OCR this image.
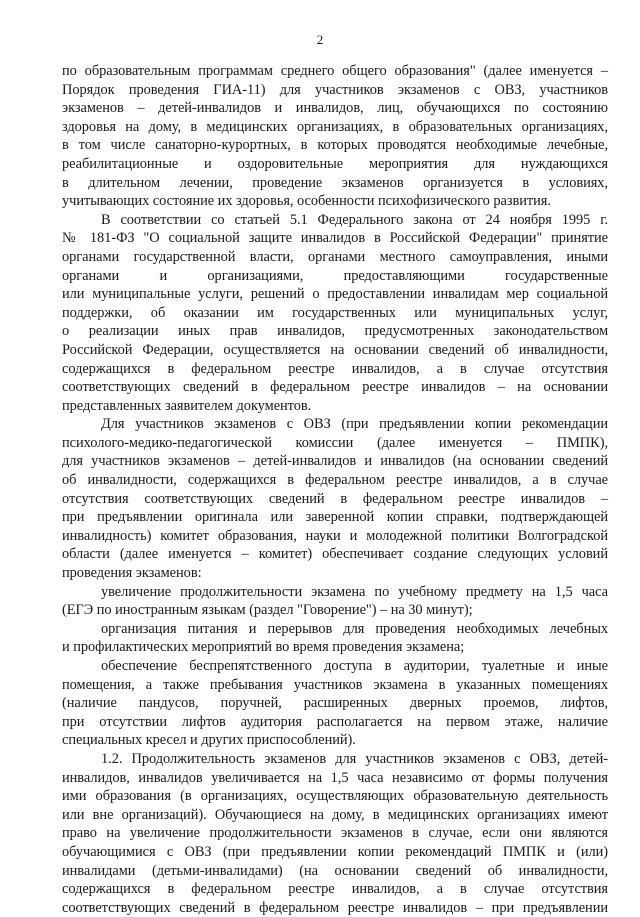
2
по образовательным программам среднего общего образования" (далее именуется –
Порядок проведения ГИА-11) для участников экзаменов с ОВЗ, участников
экзаменов – детей-инвалидов и инвалидов, лиц, обучающихся по состоянию
здоровья на дому, в медицинских организациях, в образовательных организациях,
в том числе санаторно-курортных, в которых проводятся необходимые лечебные,
реабилитационные и оздоровительные мероприятия для нуждающихся
в длительном лечении, проведение экзаменов организуется в условиях,
учитывающих состояние их здоровья, особенности психофизического развития.
В соответствии со статьей 5.1 Федерального закона от 24 ноября 1995 г.
№ 181-ФЗ "О социальной защите инвалидов в Российской Федерации" принятие
органами государственной власти, органами местного самоуправления, иными
органами и организациями, предоставляющими государственные
или муниципальные услуги, решений о предоставлении инвалидам мер социальной
поддержки, об оказании им государственных или муниципальных услуг,
о реализации иных прав инвалидов, предусмотренных законодательством
Российской Федерации, осуществляется на основании сведений об инвалидности,
содержащихся в федеральном реестре инвалидов, а в случае отсутствия
соответствующих сведений в федеральном реестре инвалидов – на основании
представленных заявителем документов.
Для участников экзаменов с ОВЗ (при предъявлении копии рекомендации
психолого-медико-педагогической комиссии (далее именуется – ПМПК),
для участников экзаменов – детей-инвалидов и инвалидов (на основании сведений
об инвалидности, содержащихся в федеральном реестре инвалидов, а в случае
отсутствия соответствующих сведений в федеральном реестре инвалидов –
при предъявлении оригинала или заверенной копии справки, подтверждающей
инвалидность) комитет образования, науки и молодежной политики Волгоградской
области (далее именуется – комитет) обеспечивает создание следующих условий
проведения экзаменов:
увеличение продолжительности экзамена по учебному предмету на 1,5 часа
(ЕГЭ по иностранным языкам (раздел "Говорение") – на 30 минут);
организация питания и перерывов для проведения необходимых лечебных
и профилактических мероприятий во время проведения экзамена;
обеспечение беспрепятственного доступа в аудитории, туалетные и иные
помещения, а также пребывания участников экзамена в указанных помещениях
(наличие пандусов, поручней, расширенных дверных проемов, лифтов,
при отсутствии лифтов аудитория располагается на первом этаже, наличие
специальных кресел и других приспособлений).
1.2. Продолжительность экзаменов для участников экзаменов с ОВЗ, детей-
инвалидов, инвалидов увеличивается на 1,5 часа независимо от формы получения
ими образования (в организациях, осуществляющих образовательную деятельность
или вне организаций). Обучающиеся на дому, в медицинских организациях имеют
право на увеличение продолжительности экзаменов в случае, если они являются
обучающимися с ОВЗ (при предъявлении копии рекомендаций ПМПК и (или)
инвалидами (детьми-инвалидами) (на основании сведений об инвалидности,
содержащихся в федеральном реестре инвалидов, а в случае отсутствия
соответствующих сведений в федеральном реестре инвалидов – при предъявлении
